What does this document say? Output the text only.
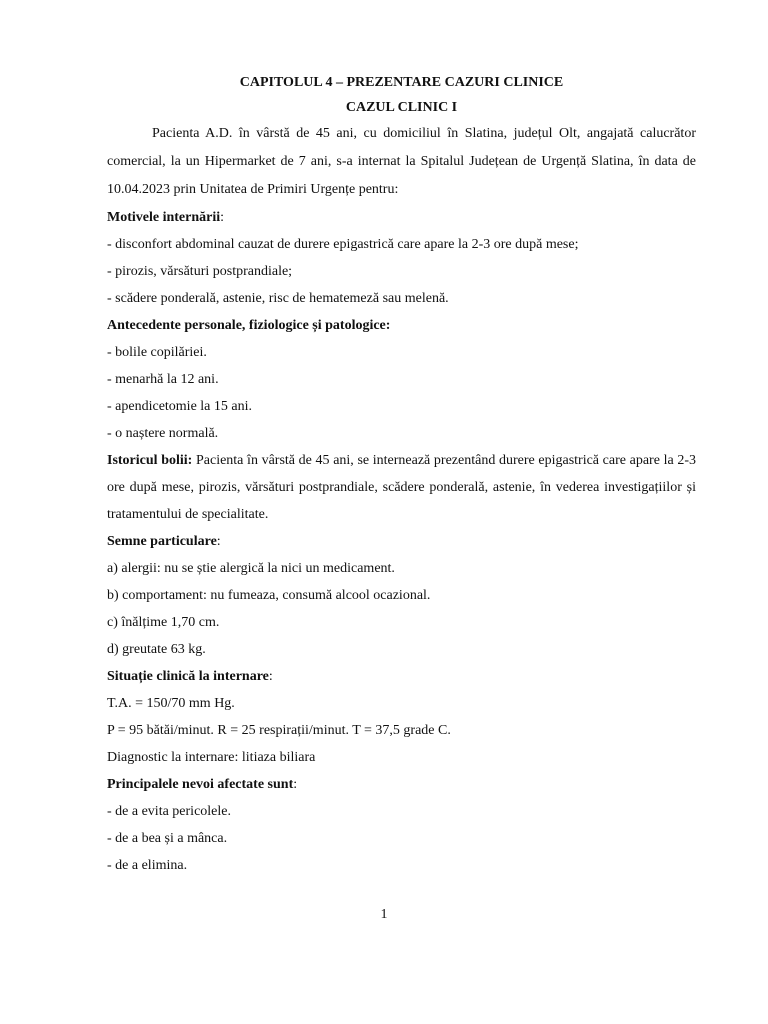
CAPITOLUL 4 – PREZENTARE CAZURI CLINICE
CAZUL CLINIC I

Pacienta A.D. în vârstă de 45 ani, cu domiciliul în Slatina, județul Olt, angajată calucrător comercial, la un Hipermarket de 7 ani, s-a internat la Spitalul Județean de Urgență Slatina, în data de 10.04.2023 prin Unitatea de Primiri Urgențe pentru:

Motivele internării:

- disconfort abdominal cauzat de durere epigastrică care apare la 2-3 ore după mese;

- pirozis, vărsături postprandiale;

- scădere ponderală, astenie, risc de hematemeză sau melenă.

Antecedente personale, fiziologice și patologice:

- bolile copilăriei.

- menarhă la 12 ani.

- apendicetomie la 15 ani.

- o naștere normală.

Istoricul bolii: Pacienta în vârstă de 45 ani, se internează prezentând durere epigastrică care apare la 2-3 ore după mese, pirozis, vărsături postprandiale, scădere ponderală, astenie, în vederea investigațiilor și tratamentului de specialitate.

Semne particulare:

a) alergii: nu se știe alergică la nici un medicament.

b) comportament: nu fumeaza, consumă alcool ocazional.

c) înălțime 1,70 cm.

d) greutate 63 kg.

Situație clinică la internare:

T.A. = 150/70 mm Hg.

P = 95 bătăi/minut. R = 25 respirații/minut. T = 37,5 grade C.

Diagnostic la internare: litiaza biliara

Principalele nevoi afectate sunt:

- de a evita pericolele.

- de a bea și a mânca.

- de a elimina.

1
